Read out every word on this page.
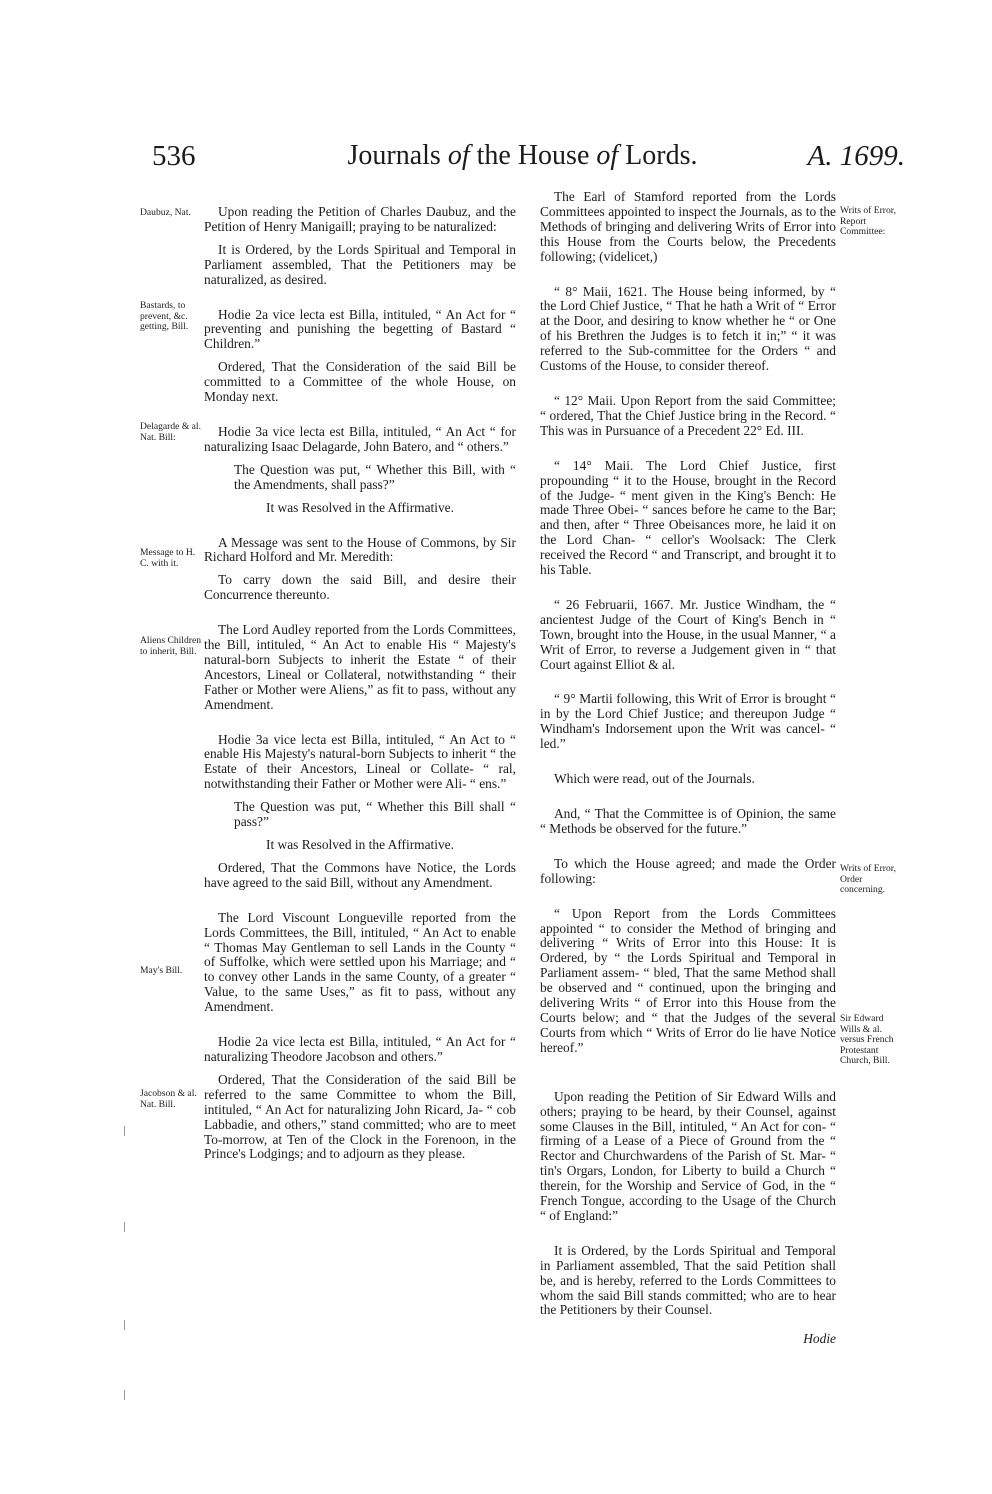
536	Journals of the House of Lords.	A. 1699.

Daubuz, Nat.
Bastards, to prevent, &c. getting, Bill.
Delagarde & al. Nat. Bill:
Message to H. C. with it.
Aliens Children to inherit, Bill.
May's Bill.
Jacobson & al. Nat. Bill.
Writs of Error, Report Committee:
Writs of Error, Order concerning.
Sir Edward Wills & al. versus French Protestant Church, Bill.

Upon reading the Petition of Charles Daubuz, and the Petition of Henry Manigaill; praying to be naturalized:

It is Ordered, by the Lords Spiritual and Temporal in Parliament assembled, That the Petitioners may be naturalized, as desired.

Hodie 2a vice lecta est Billa, intituled, “ An Act for “ preventing and punishing the begetting of Bastard “ Children.”

Ordered, That the Consideration of the said Bill be committed to a Committee of the whole House, on Monday next.

Hodie 3a vice lecta est Billa, intituled, “ An Act “ for naturalizing Isaac Delagarde, John Batero, and “ others.”

The Question was put, “ Whether this Bill, with “ the Amendments, shall pass?”

It was Resolved in the Affirmative.

A Message was sent to the House of Commons, by Sir Richard Holford and Mr. Meredith:

To carry down the said Bill, and desire their Concurrence thereunto.

The Lord Audley reported from the Lords Committees, the Bill, intituled, “ An Act to enable His “ Majesty's natural-born Subjects to inherit the Estate “ of their Ancestors, Lineal or Collateral, notwithstanding “ their Father or Mother were Aliens,” as fit to pass, without any Amendment.

Hodie 3a vice lecta est Billa, intituled, “ An Act to “ enable His Majesty's natural-born Subjects to inherit “ the Estate of their Ancestors, Lineal or Collate- “ ral, notwithstanding their Father or Mother were Ali- “ ens.”

The Question was put, “ Whether this Bill shall “ pass?”

It was Resolved in the Affirmative.

Ordered, That the Commons have Notice, the Lords have agreed to the said Bill, without any Amendment.

The Lord Viscount Longueville reported from the Lords Committees, the Bill, intituled, “ An Act to enable “ Thomas May Gentleman to sell Lands in the County “ of Suffolke, which were settled upon his Marriage; and “ to convey other Lands in the same County, of a greater “ Value, to the same Uses,” as fit to pass, without any Amendment.

Hodie 2a vice lecta est Billa, intituled, “ An Act for “ naturalizing Theodore Jacobson and others.”

Ordered, That the Consideration of the said Bill be referred to the same Committee to whom the Bill, intituled, “ An Act for naturalizing John Ricard, Ja- “ cob Labbadie, and others,” stand committed; who are to meet To-morrow, at Ten of the Clock in the Forenoon, in the Prince's Lodgings; and to adjourn as they please.

The Earl of Stamford reported from the Lords Committees appointed to inspect the Journals, as to the Methods of bringing and delivering Writs of Error into this House from the Courts below, the Precedents following; (videlicet,)

“ 8° Maii, 1621. The House being informed, by “ the Lord Chief Justice, “ That he hath a Writ of “ Error at the Door, and desiring to know whether he “ or One of his Brethren the Judges is to fetch it in;” “ it was referred to the Sub-committee for the Orders “ and Customs of the House, to consider thereof.

“ 12° Maii. Upon Report from the said Committee; “ ordered, That the Chief Justice bring in the Record. “ This was in Pursuance of a Precedent 22° Ed. III.

“ 14° Maii. The Lord Chief Justice, first propounding “ it to the House, brought in the Record of the Judge- “ ment given in the King's Bench: He made Three Obei- “ sances before he came to the Bar; and then, after “ Three Obeisances more, he laid it on the Lord Chan- “ cellor's Woolsack: The Clerk received the Record “ and Transcript, and brought it to his Table.

“ 26 Februarii, 1667. Mr. Justice Windham, the “ ancientest Judge of the Court of King's Bench in “ Town, brought into the House, in the usual Manner, “ a Writ of Error, to reverse a Judgement given in “ that Court against Elliot & al.

“ 9° Martii following, this Writ of Error is brought “ in by the Lord Chief Justice; and thereupon Judge “ Windham's Indorsement upon the Writ was cancel- “ led.”

Which were read, out of the Journals.

And, “ That the Committee is of Opinion, the same “ Methods be observed for the future.”

To which the House agreed; and made the Order following:

“ Upon Report from the Lords Committees appointed “ to consider the Method of bringing and delivering “ Writs of Error into this House: It is Ordered, by “ the Lords Spiritual and Temporal in Parliament assem- “ bled, That the same Method shall be observed and “ continued, upon the bringing and delivering Writs “ of Error into this House from the Courts below; and “ that the Judges of the several Courts from which “ Writs of Error do lie have Notice hereof.”

Upon reading the Petition of Sir Edward Wills and others; praying to be heard, by their Counsel, against some Clauses in the Bill, intituled, “ An Act for con- “ firming of a Lease of a Piece of Ground from the “ Rector and Churchwardens of the Parish of St. Mar- “ tin's Orgars, London, for Liberty to build a Church “ therein, for the Worship and Service of God, in the “ French Tongue, according to the Usage of the Church “ of England:”

It is Ordered, by the Lords Spiritual and Temporal in Parliament assembled, That the said Petition shall be, and is hereby, referred to the Lords Committees to whom the said Bill stands committed; who are to hear the Petitioners by their Counsel.

Hodie
